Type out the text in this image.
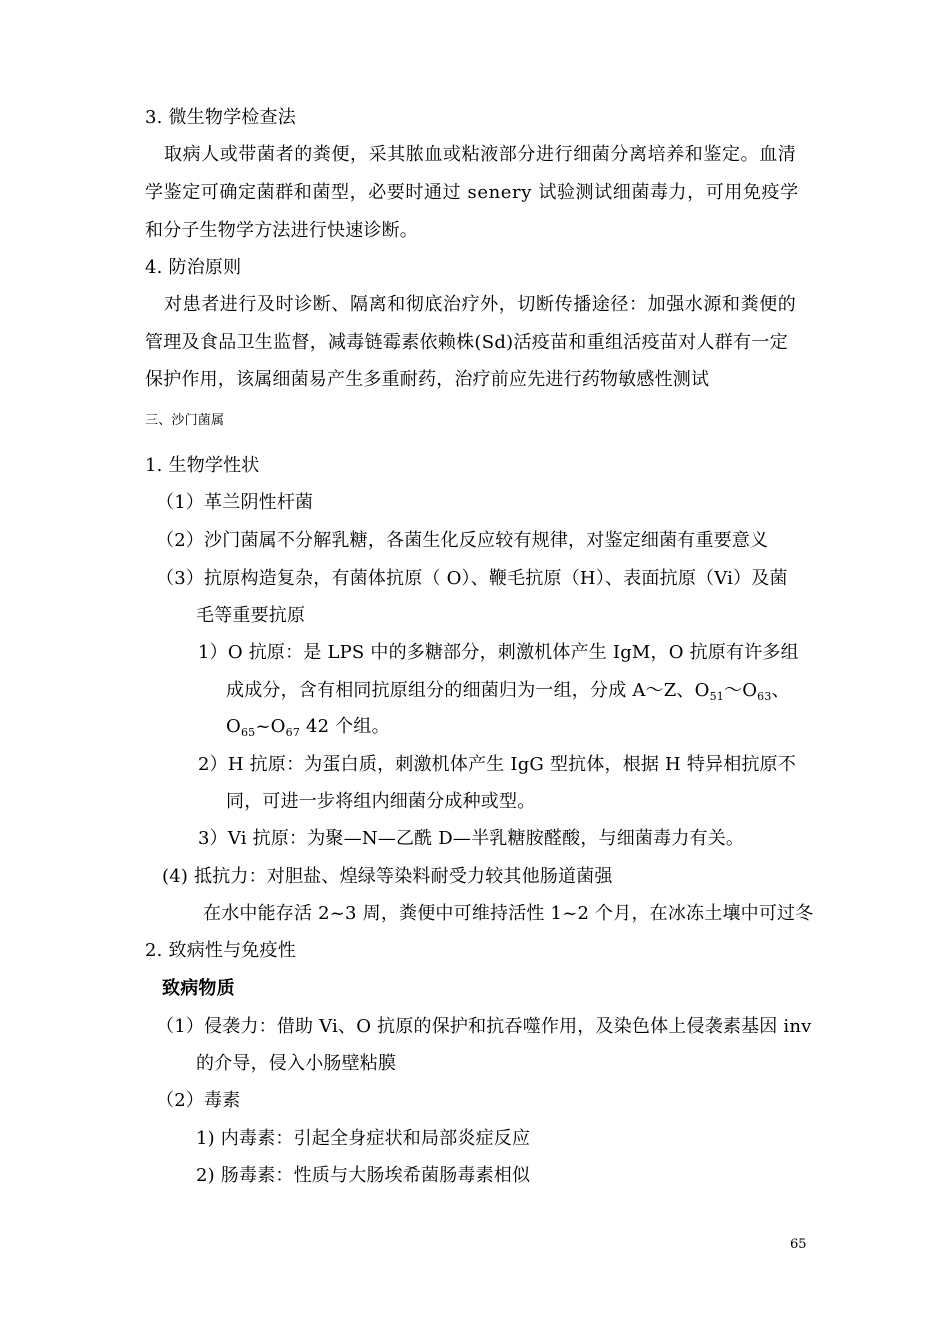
3. 微生物学检查法
取病人或带菌者的粪便，采其脓血或粘液部分进行细菌分离培养和鉴定。血清
学鉴定可确定菌群和菌型，必要时通过 senery 试验测试细菌毒力，可用免疫学
和分子生物学方法进行快速诊断。
4. 防治原则
对患者进行及时诊断、隔离和彻底治疗外，切断传播途径：加强水源和粪便的
管理及食品卫生监督，减毒链霉素依赖株(Sd)活疫苗和重组活疫苗对人群有一定
保护作用，该属细菌易产生多重耐药，治疗前应先进行药物敏感性测试
三、沙门菌属
1. 生物学性状
（1）革兰阴性杆菌
（2）沙门菌属不分解乳糖，各菌生化反应较有规律，对鉴定细菌有重要意义
（3）抗原构造复杂，有菌体抗原（ O）、鞭毛抗原（H）、表面抗原（Vi）及菌
毛等重要抗原
1）O 抗原：是 LPS 中的多糖部分，刺激机体产生 IgM，O 抗原有许多组
成成分，含有相同抗原组分的细菌归为一组，分成 A～Z、$O_{51}\sim O_{63}$、
$O_{65}\sim O_{67}$ 42 个组。
2）H 抗原：为蛋白质，刺激机体产生 IgG 型抗体，根据 H 特异相抗原不
同，可进一步将组内细菌分成种或型。
3）Vi 抗原：为聚—N—乙酰 D—半乳糖胺醛酸，与细菌毒力有关。
(4) 抵抗力：对胆盐、煌绿等染料耐受力较其他肠道菌强
在水中能存活 2~3 周，粪便中可维持活性 1~2 个月，在冰冻土壤中可过冬
2. 致病性与免疫性
致病物质
（1）侵袭力：借助 Vi、O 抗原的保护和抗吞噬作用，及染色体上侵袭素基因 inv
的介导，侵入小肠壁粘膜
（2）毒素
1) 内毒素：引起全身症状和局部炎症反应
2) 肠毒素：性质与大肠埃希菌肠毒素相似
65
